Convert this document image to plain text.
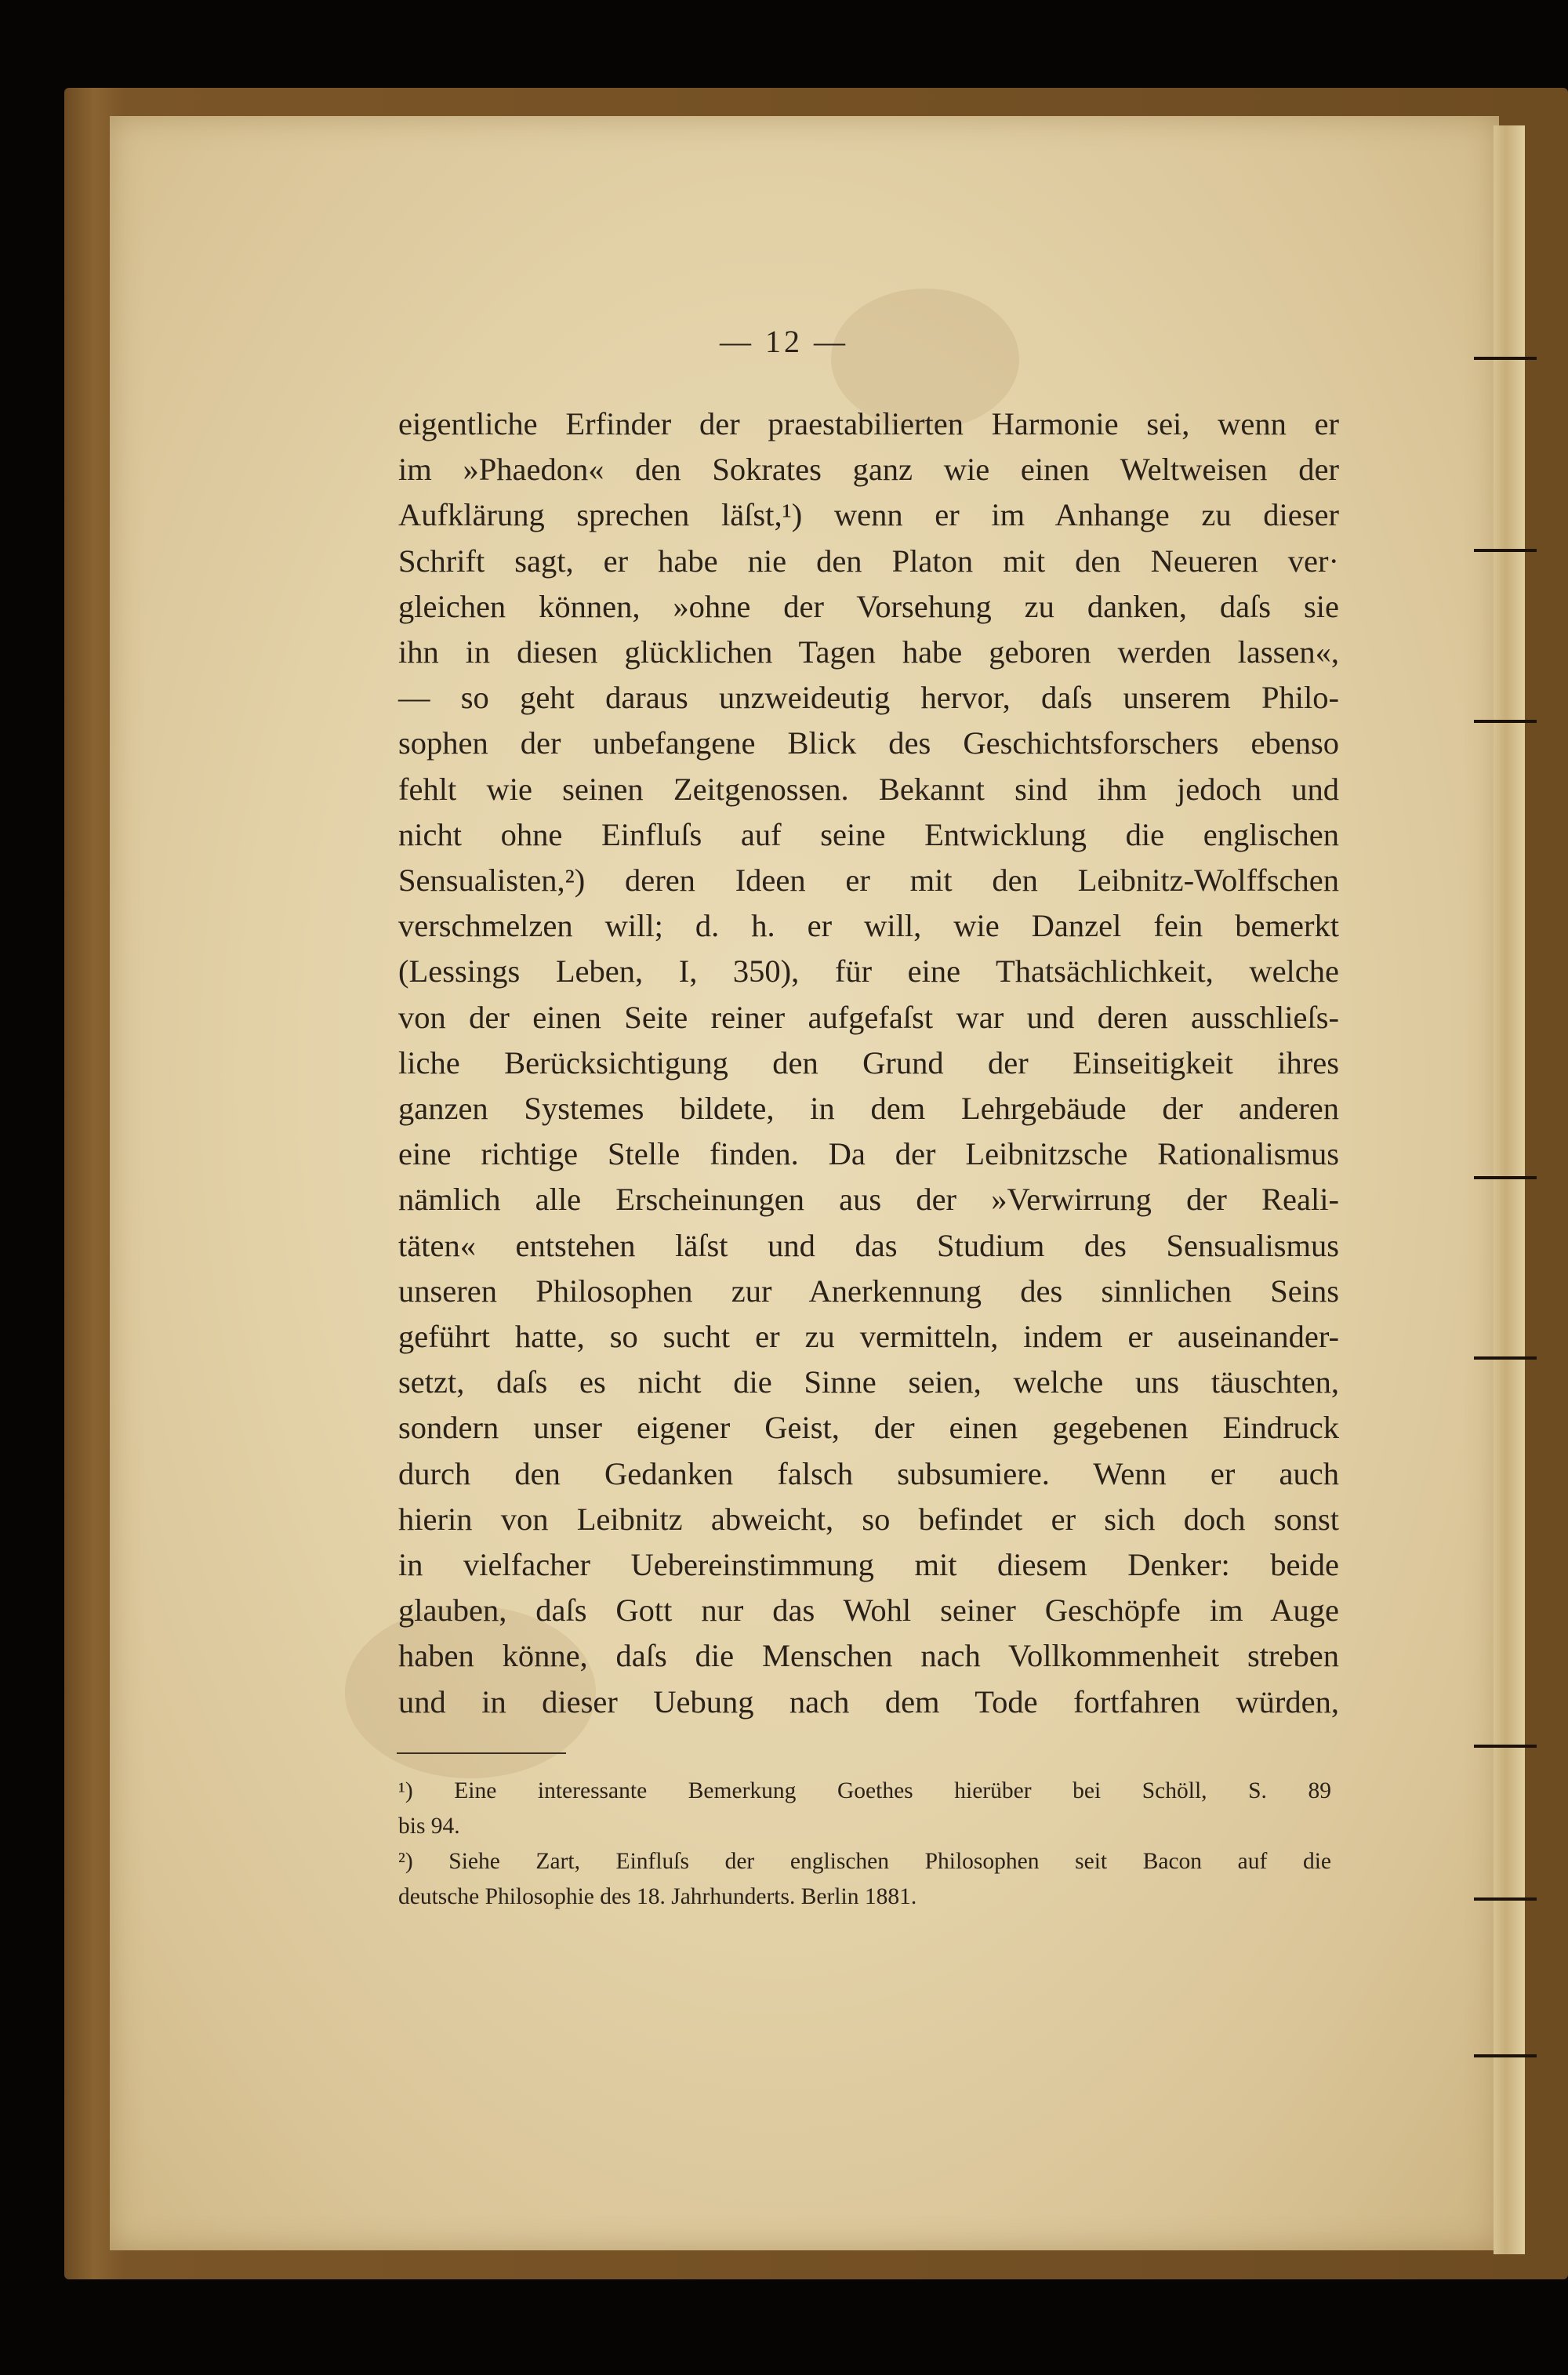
— 12 —
eigentliche Erfinder der praestabilierten Harmonie sei, wenn er
im »Phaedon« den Sokrates ganz wie einen Weltweisen der
Aufklärung sprechen läſst,¹) wenn er im Anhange zu dieser
Schrift sagt, er habe nie den Platon mit den Neueren ver·
gleichen können, »ohne der Vorsehung zu danken, daſs sie
ihn in diesen glücklichen Tagen habe geboren werden lassen«,
— so geht daraus unzweideutig hervor, daſs unserem Philo-
sophen der unbefangene Blick des Geschichtsforschers ebenso
fehlt wie seinen Zeitgenossen. Bekannt sind ihm jedoch und
nicht ohne Einfluſs auf seine Entwicklung die englischen
Sensualisten,²) deren Ideen er mit den Leibnitz-Wolffschen
verschmelzen will; d. h. er will, wie Danzel fein bemerkt
(Lessings Leben, I, 350), für eine Thatsächlichkeit, welche
von der einen Seite reiner aufgefaſst war und deren ausschlieſs-
liche Berücksichtigung den Grund der Einseitigkeit ihres
ganzen Systemes bildete, in dem Lehrgebäude der anderen
eine richtige Stelle finden. Da der Leibnitzsche Rationalismus
nämlich alle Erscheinungen aus der »Verwirrung der Reali-
täten« entstehen läſst und das Studium des Sensualismus
unseren Philosophen zur Anerkennung des sinnlichen Seins
geführt hatte, so sucht er zu vermitteln, indem er auseinander-
setzt, daſs es nicht die Sinne seien, welche uns täuschten,
sondern unser eigener Geist, der einen gegebenen Eindruck
durch den Gedanken falsch subsumiere. Wenn er auch
hierin von Leibnitz abweicht, so befindet er sich doch sonst
in vielfacher Uebereinstimmung mit diesem Denker: beide
glauben, daſs Gott nur das Wohl seiner Geschöpfe im Auge
haben könne, daſs die Menschen nach Vollkommenheit streben
und in dieser Uebung nach dem Tode fortfahren würden,
¹) Eine interessante Bemerkung Goethes hierüber bei Schöll, S. 89
bis 94.
²) Siehe Zart, Einfluſs der englischen Philosophen seit Bacon auf die
deutsche Philosophie des 18. Jahrhunderts. Berlin 1881.
